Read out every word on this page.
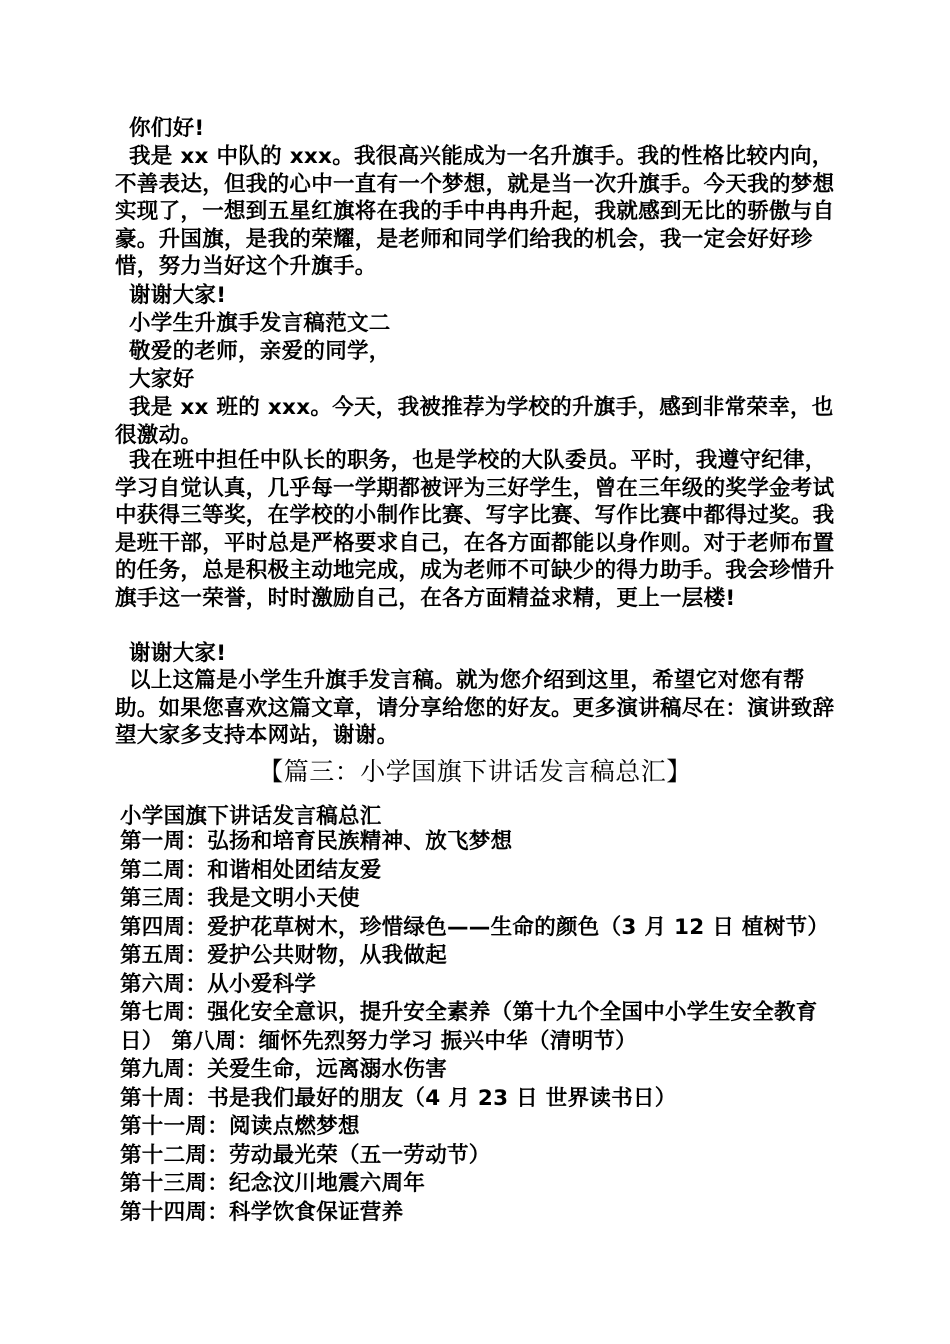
你们好!

我是 xx 中队的 xxx。我很高兴能成为一名升旗手。我的性格比较内向，不善表达，但我的心中一直有一个梦想，就是当一次升旗手。今天我的梦想实现了，一想到五星红旗将在我的手中冉冉升起，我就感到无比的骄傲与自豪。升国旗，是我的荣耀，是老师和同学们给我的机会，我一定会好好珍惜，努力当好这个升旗手。

谢谢大家!

小学生升旗手发言稿范文二

敬爱的老师，亲爱的同学，

大家好

我是 xx 班的 xxx。今天，我被推荐为学校的升旗手，感到非常荣幸，也很激动。

我在班中担任中队长的职务，也是学校的大队委员。平时，我遵守纪律，学习自觉认真，几乎每一学期都被评为三好学生，曾在三年级的奖学金考试中获得三等奖，在学校的小制作比赛、写字比赛、写作比赛中都得过奖。我是班干部，平时总是严格要求自己，在各方面都能以身作则。对于老师布置的任务，总是积极主动地完成，成为老师不可缺少的得力助手。我会珍惜升旗手这一荣誉，时时激励自己，在各方面精益求精，更上一层楼!

谢谢大家!

以上这篇是小学生升旗手发言稿。就为您介绍到这里，希望它对您有帮助。如果您喜欢这篇文章，请分享给您的好友。更多演讲稿尽在：演讲致辞望大家多支持本网站，谢谢。

【篇三：小学国旗下讲话发言稿总汇】

小学国旗下讲话发言稿总汇

第一周：弘扬和培育民族精神、放飞梦想
第二周：和谐相处团结友爱
第三周：我是文明小天使
第四周：爱护花草树木，珍惜绿色——生命的颜色（3 月 12 日 植树节） 第五周：爱护公共财物，从我做起
第六周：从小爱科学
第七周：强化安全意识，提升安全素养（第十九个全国中小学生安全教育日） 第八周：缅怀先烈努力学习 振兴中华（清明节）
第九周：关爱生命，远离溺水伤害
第十周：书是我们最好的朋友（4 月 23 日 世界读书日）
第十一周：阅读点燃梦想
第十二周：劳动最光荣（五一劳动节）
第十三周：纪念汶川地震六周年
第十四周：科学饮食保证营养
